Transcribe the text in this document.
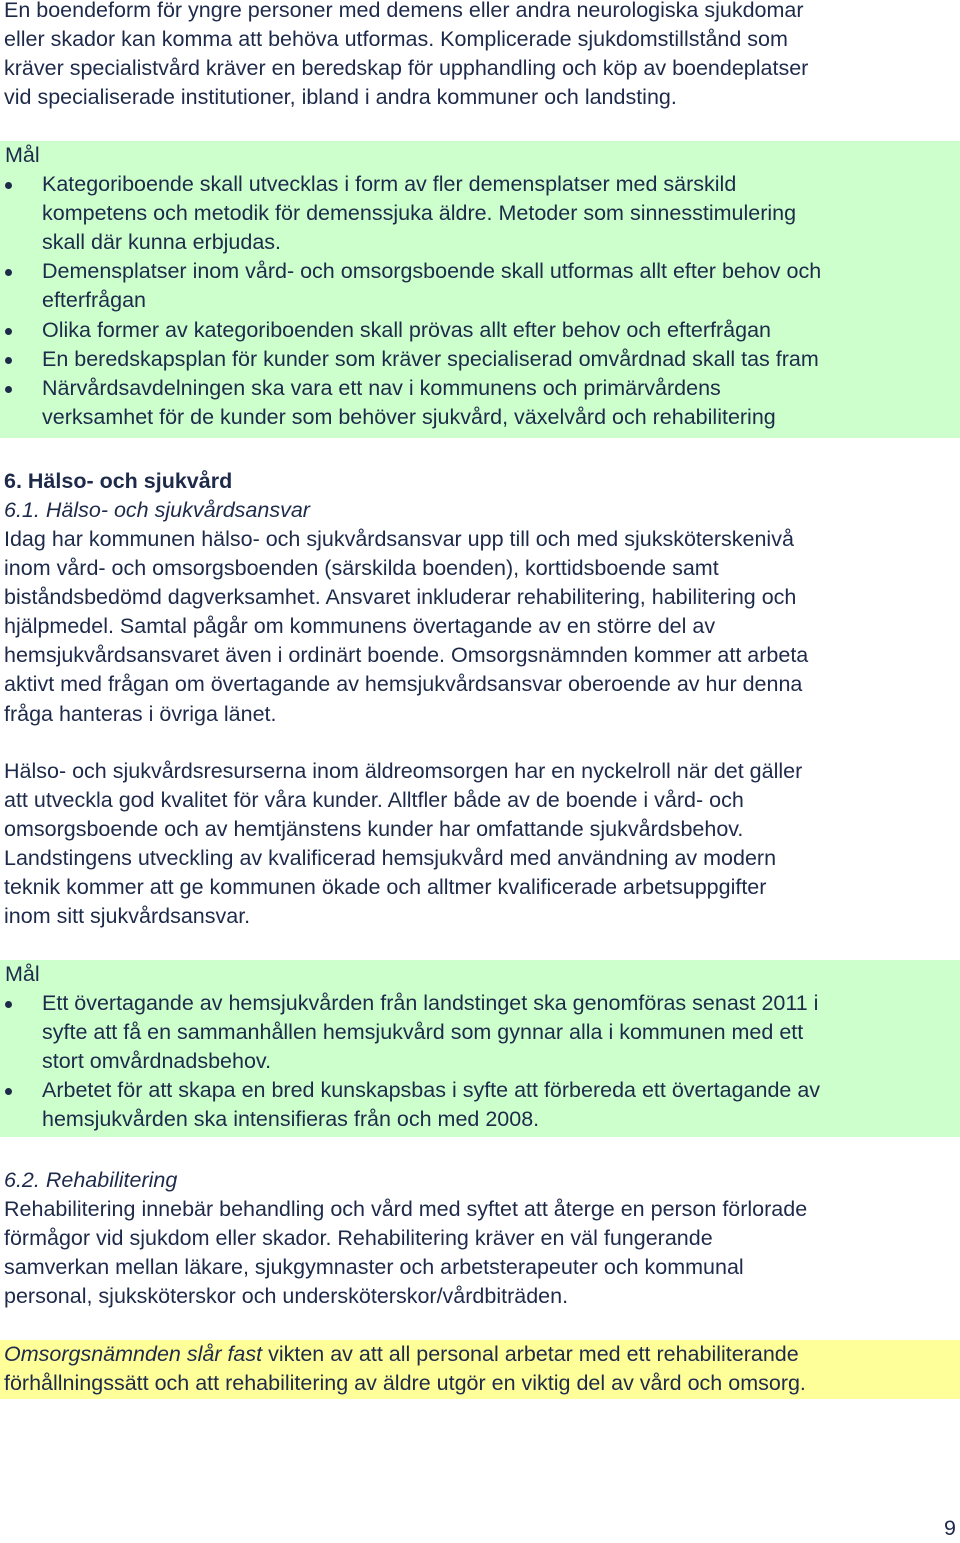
En boendeform för yngre personer med demens eller andra neurologiska sjukdomar
eller skador kan komma att behöva utformas. Komplicerade sjukdomstillstånd som
kräver specialistvård kräver en beredskap för upphandling och köp av boendeplatser
vid specialiserade institutioner, ibland i andra kommuner och landsting.
Mål
Kategoriboende skall utvecklas i form av fler demensplatser med särskild
kompetens och metodik för demenssjuka äldre. Metoder som sinnesstimulering
skall där kunna erbjudas.
Demensplatser inom vård- och omsorgsboende skall utformas allt efter behov och
efterfrågan
Olika former av kategoriboenden skall prövas allt efter behov och efterfrågan
En beredskapsplan för kunder som kräver specialiserad omvårdnad skall tas fram
Närvårdsavdelningen ska vara ett nav i kommunens och primärvårdens
verksamhet för de kunder som behöver sjukvård, växelvård och rehabilitering
6. Hälso- och sjukvård
6.1. Hälso- och sjukvårdsansvar
Idag har kommunen hälso- och sjukvårdsansvar upp till och med sjuksköterskenivå
inom vård- och omsorgsboenden (särskilda boenden), korttidsboende samt
biståndsbedömd dagverksamhet. Ansvaret inkluderar rehabilitering, habilitering och
hjälpmedel. Samtal pågår om kommunens övertagande av en större del av
hemsjukvårdsansvaret även i ordinärt boende. Omsorgsnämnden kommer att arbeta
aktivt med frågan om övertagande av hemsjukvårdsansvar oberoende av hur denna
fråga hanteras i övriga länet.
Hälso- och sjukvårdsresurserna inom äldreomsorgen har en nyckelroll när det gäller
att utveckla god kvalitet för våra kunder. Alltfler både av de boende i vård- och
omsorgsboende och av hemtjänstens kunder har omfattande sjukvårdsbehov.
Landstingens utveckling av kvalificerad hemsjukvård med användning av modern
teknik kommer att ge kommunen ökade och alltmer kvalificerade arbetsuppgifter
inom sitt sjukvårdsansvar.
Mål
Ett övertagande av hemsjukvården från landstinget ska genomföras senast 2011 i
syfte att få en sammanhållen hemsjukvård som gynnar alla i kommunen med ett
stort omvårdnadsbehov.
Arbetet för att skapa en bred kunskapsbas i syfte att förbereda ett övertagande av
hemsjukvården ska intensifieras från och med 2008.
6.2. Rehabilitering
Rehabilitering innebär behandling och vård med syftet att återge en person förlorade
förmågor vid sjukdom eller skador. Rehabilitering kräver en väl fungerande
samverkan mellan läkare, sjukgymnaster och arbetsterapeuter och kommunal
personal, sjuksköterskor och undersköterskor/vårdbiträden.
Omsorgsnämnden slår fast vikten av att all personal arbetar med ett rehabiliterande
förhållningssätt och att rehabilitering av äldre utgör en viktig del av vård och omsorg.
9
